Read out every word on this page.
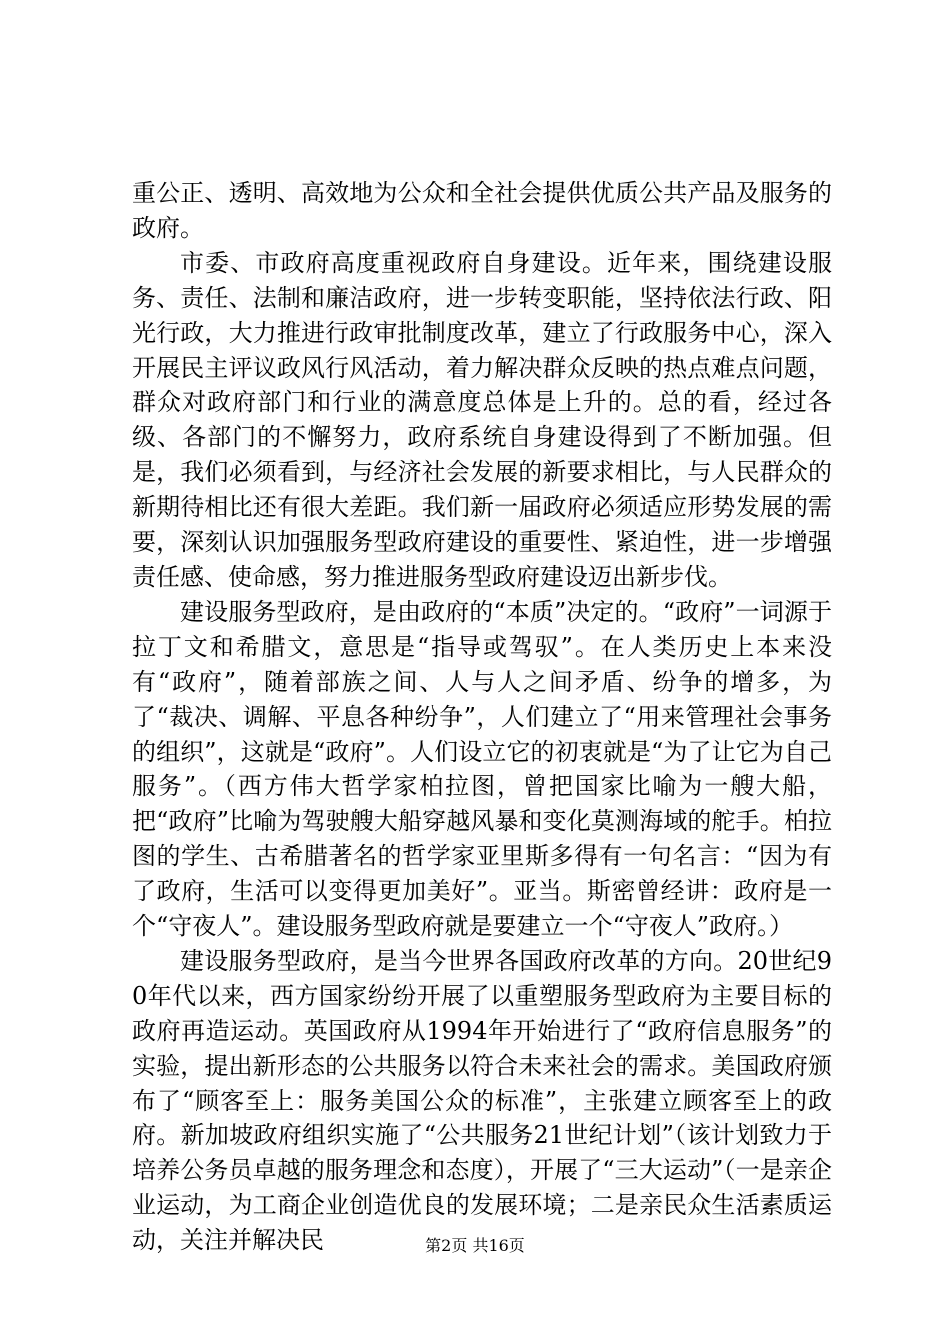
重公正、透明、高效地为公众和全社会提供优质公共产品及服务的政府。

市委、市政府高度重视政府自身建设。近年来，围绕建设服务、责任、法制和廉洁政府，进一步转变职能，坚持依法行政、阳光行政，大力推进行政审批制度改革，建立了行政服务中心，深入开展民主评议政风行风活动，着力解决群众反映的热点难点问题，群众对政府部门和行业的满意度总体是上升的。总的看，经过各级、各部门的不懈努力，政府系统自身建设得到了不断加强。但是，我们必须看到，与经济社会发展的新要求相比，与人民群众的新期待相比还有很大差距。我们新一届政府必须适应形势发展的需要，深刻认识加强服务型政府建设的重要性、紧迫性，进一步增强责任感、使命感，努力推进服务型政府建设迈出新步伐。

建设服务型政府，是由政府的“本质”决定的。“政府”一词源于拉丁文和希腊文，意思是“指导或驾驭”。在人类历史上本来没有“政府”，随着部族之间、人与人之间矛盾、纷争的增多，为了“裁决、调解、平息各种纷争”，人们建立了“用来管理社会事务的组织”，这就是“政府”。人们设立它的初衷就是“为了让它为自己服务”。（西方伟大哲学家柏拉图，曾把国家比喻为一艘大船，把“政府”比喻为驾驶艘大船穿越风暴和变化莫测海域的舵手。柏拉图的学生、古希腊著名的哲学家亚里斯多得有一句名言：“因为有了政府，生活可以变得更加美好”。亚当。斯密曾经讲：政府是一个“守夜人”。建设服务型政府就是要建立一个“守夜人”政府。）

建设服务型政府，是当今世界各国政府改革的方向。20世纪90年代以来，西方国家纷纷开展了以重塑服务型政府为主要目标的政府再造运动。英国政府从1994年开始进行了“政府信息服务”的实验，提出新形态的公共服务以符合未来社会的需求。美国政府颁布了“顾客至上：服务美国公众的标准”，主张建立顾客至上的政府。新加坡政府组织实施了“公共服务21世纪计划”（该计划致力于培养公务员卓越的服务理念和态度），开展了“三大运动”（一是亲企业运动，为工商企业创造优良的发展环境；二是亲民众生活素质运动，关注并解决民	第2页 共16页
